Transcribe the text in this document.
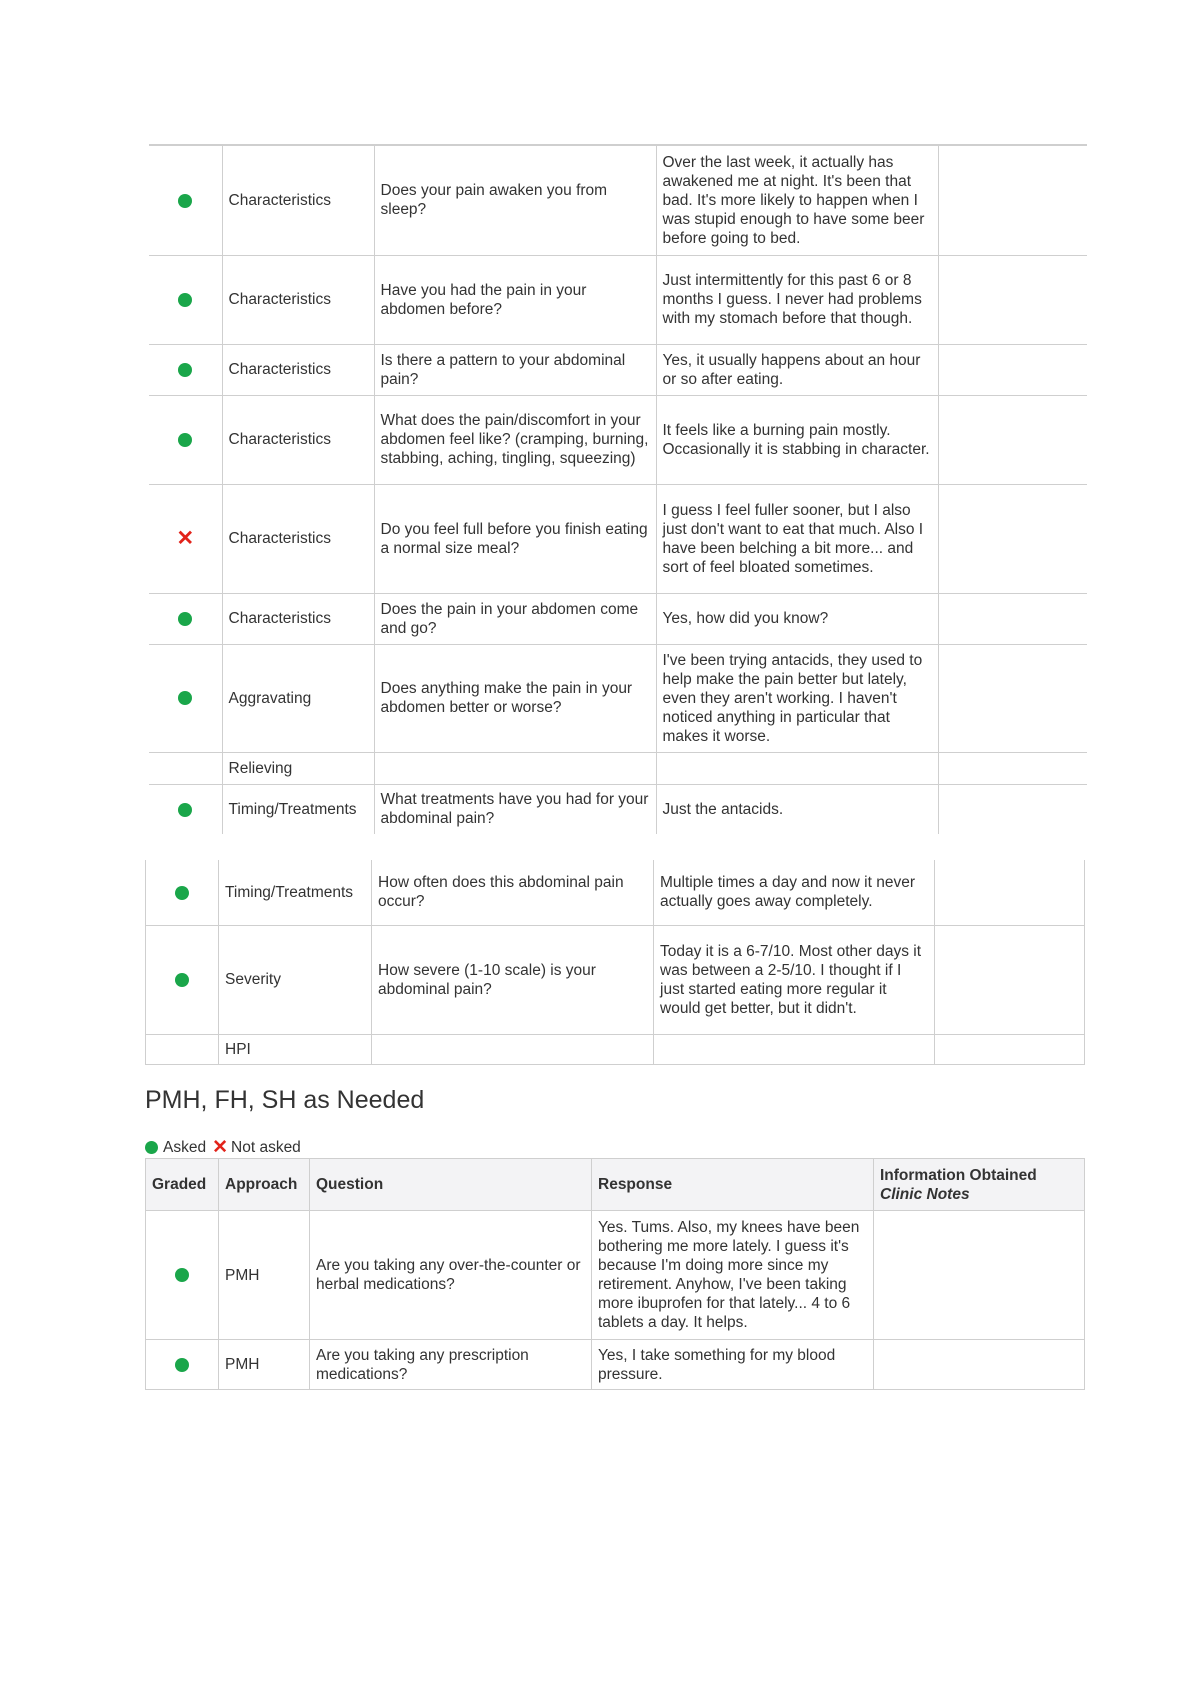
	Characteristics	Does your pain awaken you from sleep?	Over the last week, it actually has awakened me at night. It's been that bad. It's more likely to happen when I was stupid enough to have some beer before going to bed.	
	Characteristics	Have you had the pain in your abdomen before?	Just intermittently for this past 6 or 8 months I guess. I never had problems with my stomach before that though.	
	Characteristics	Is there a pattern to your abdominal pain?	Yes, it usually happens about an hour or so after eating.	
	Characteristics	What does the pain/discomfort in your abdomen feel like? (cramping, burning, stabbing, aching, tingling, squeezing)	It feels like a burning pain mostly. Occasionally it is stabbing in character.	
✕	Characteristics	Do you feel full before you finish eating a normal size meal?	I guess I feel fuller sooner, but I also just don't want to eat that much. Also I have been belching a bit more... and sort of feel bloated sometimes.	
	Characteristics	Does the pain in your abdomen come and go?	Yes, how did you know?	
	Aggravating	Does anything make the pain in your abdomen better or worse?	I've been trying antacids, they used to help make the pain better but lately, even they aren't working. I haven't noticed anything in particular that makes it worse.	
	Relieving			
	Timing/Treatments	What treatments have you had for your abdominal pain?	Just the antacids.	
	Timing/Treatments	How often does this abdominal pain occur?	Multiple times a day and now it never actually goes away completely.	
	Severity	How severe (1-10 scale) is your abdominal pain?	Today it is a 6-7/10. Most other days it was between a 2-5/10. I thought if I just started eating more regular it would get better, but it didn't.	
	HPI			
PMH, FH, SH as Needed
Asked ✕ Not asked
Graded	Approach	Question	Response	Information Obtained
Clinic Notes

	PMH	Are you taking any over-the-counter or herbal medications?	Yes. Tums. Also, my knees have been bothering me more lately. I guess it's because I'm doing more since my retirement. Anyhow, I've been taking more ibuprofen for that lately... 4 to 6 tablets a day. It helps.	
	PMH	Are you taking any prescription medications?	Yes, I take something for my blood pressure.	
